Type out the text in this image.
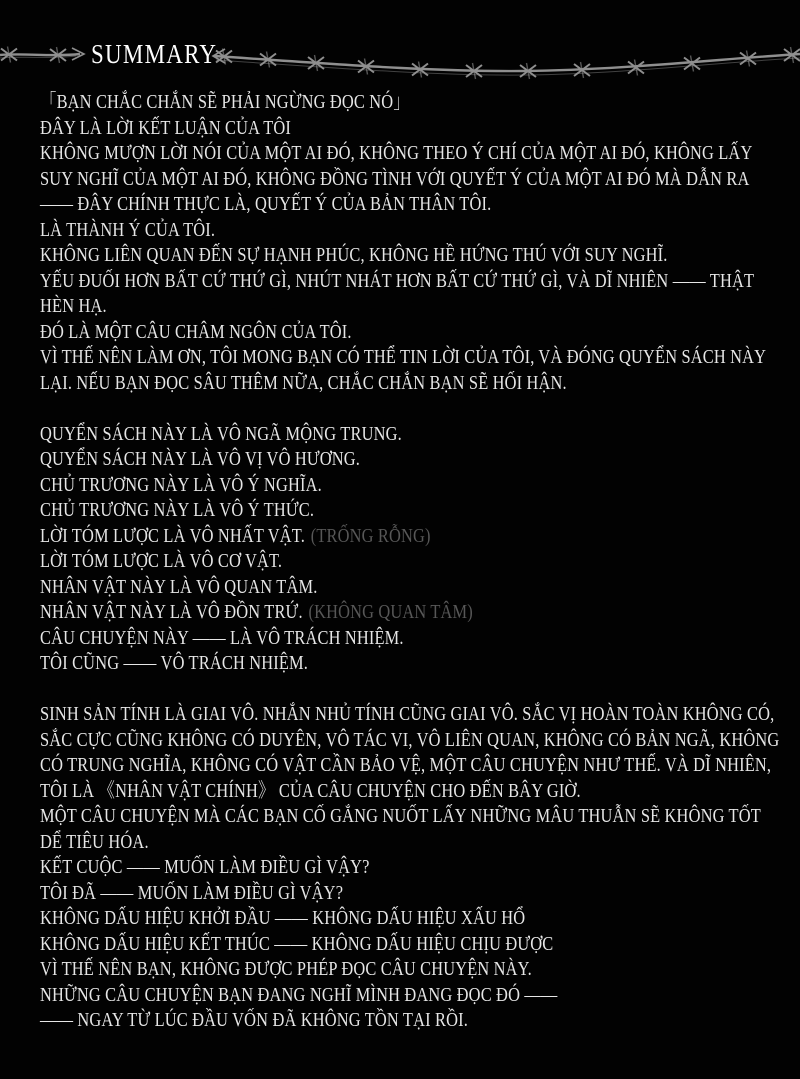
SUMMARY
「BẠN CHẮC CHẮN SẼ PHẢI NGỪNG ĐỌC NÓ」
ĐÂY LÀ LỜI KẾT LUẬN CỦA TÔI
KHÔNG MƯỢN LỜI NÓI CỦA MỘT AI ĐÓ, KHÔNG THEO Ý CHÍ CỦA MỘT AI ĐÓ, KHÔNG LẤY
SUY NGHĨ CỦA MỘT AI ĐÓ, KHÔNG ĐỒNG TÌNH VỚI QUYẾT Ý CỦA MỘT AI ĐÓ MÀ DẪN RA
—— ĐÂY CHÍNH THỰC LÀ, QUYẾT Ý CỦA BẢN THÂN TÔI.
LÀ THÀNH Ý CỦA TÔI.
KHÔNG LIÊN QUAN ĐẾN SỰ HẠNH PHÚC, KHÔNG HỀ HỨNG THÚ VỚI SUY NGHĨ.
YẾU ĐUỐI HƠN BẤT CỨ THỨ GÌ, NHÚT NHÁT HƠN BẤT CỨ THỨ GÌ, VÀ DĨ NHIÊN —— THẬT
HÈN HẠ.
ĐÓ LÀ MỘT CÂU CHÂM NGÔN CỦA TÔI.
VÌ THẾ NÊN LÀM ƠN, TÔI MONG BẠN CÓ THỂ TIN LỜI CỦA TÔI, VÀ ĐÓNG QUYỂN SÁCH NÀY
LẠI. NẾU BẠN ĐỌC SÂU THÊM NỮA, CHẮC CHẮN BẠN SẼ HỐI HẬN.
QUYỂN SÁCH NÀY LÀ VÔ NGÃ MỘNG TRUNG.
QUYỂN SÁCH NÀY LÀ VÔ VỊ VÔ HƯƠNG.
CHỦ TRƯƠNG NÀY LÀ VÔ Ý NGHĨA.
CHỦ TRƯƠNG NÀY LÀ VÔ Ý THỨC.
LỜI TÓM LƯỢC LÀ VÔ NHẤT VẬT. (TRỐNG RỖNG)
LỜI TÓM LƯỢC LÀ VÔ CƠ VẬT.
NHÂN VẬT NÀY LÀ VÔ QUAN TÂM.
NHÂN VẬT NÀY LÀ VÔ ĐỒN TRỨ. (KHÔNG QUAN TÂM)
CÂU CHUYỆN NÀY —— LÀ VÔ TRÁCH NHIỆM.
TÔI CŨNG —— VÔ TRÁCH NHIỆM.
SINH SẢN TÍNH LÀ GIAI VÔ. NHẮN NHỦ TÍNH CŨNG GIAI VÔ. SẮC VỊ HOÀN TOÀN KHÔNG CÓ,
SẮC CỰC CŨNG KHÔNG CÓ DUYÊN, VÔ TÁC VI, VÔ LIÊN QUAN, KHÔNG CÓ BẢN NGÃ, KHÔNG
CÓ TRUNG NGHĨA, KHÔNG CÓ VẬT CẦN BẢO VỆ, MỘT CÂU CHUYỆN NHƯ THẾ. VÀ DĨ NHIÊN,
TÔI LÀ 《NHÂN VẬT CHÍNH》 CỦA CÂU CHUYỆN CHO ĐẾN BÂY GIỜ.
MỘT CÂU CHUYỆN MÀ CÁC BẠN CỐ GẮNG NUỐT LẤY NHỮNG MÂU THUẪN SẼ KHÔNG TỐT
DỂ TIÊU HÓA.
KẾT CUỘC —— MUỐN LÀM ĐIỀU GÌ VẬY?
TÔI ĐÃ —— MUỐN LÀM ĐIỀU GÌ VẬY?
KHÔNG DẤU HIỆU KHỞI ĐẦU —— KHÔNG DẤU HIỆU XẤU HỔ
KHÔNG DẤU HIỆU KẾT THÚC —— KHÔNG DẤU HIỆU CHỊU ĐƯỢC
VÌ THẾ NÊN BẠN, KHÔNG ĐƯỢC PHÉP ĐỌC CÂU CHUYỆN NÀY.
NHỮNG CÂU CHUYỆN BẠN ĐANG NGHĨ MÌNH ĐANG ĐỌC ĐÓ ——
—— NGAY TỪ LÚC ĐẦU VỐN ĐÃ KHÔNG TỒN TẠI RỒI.
